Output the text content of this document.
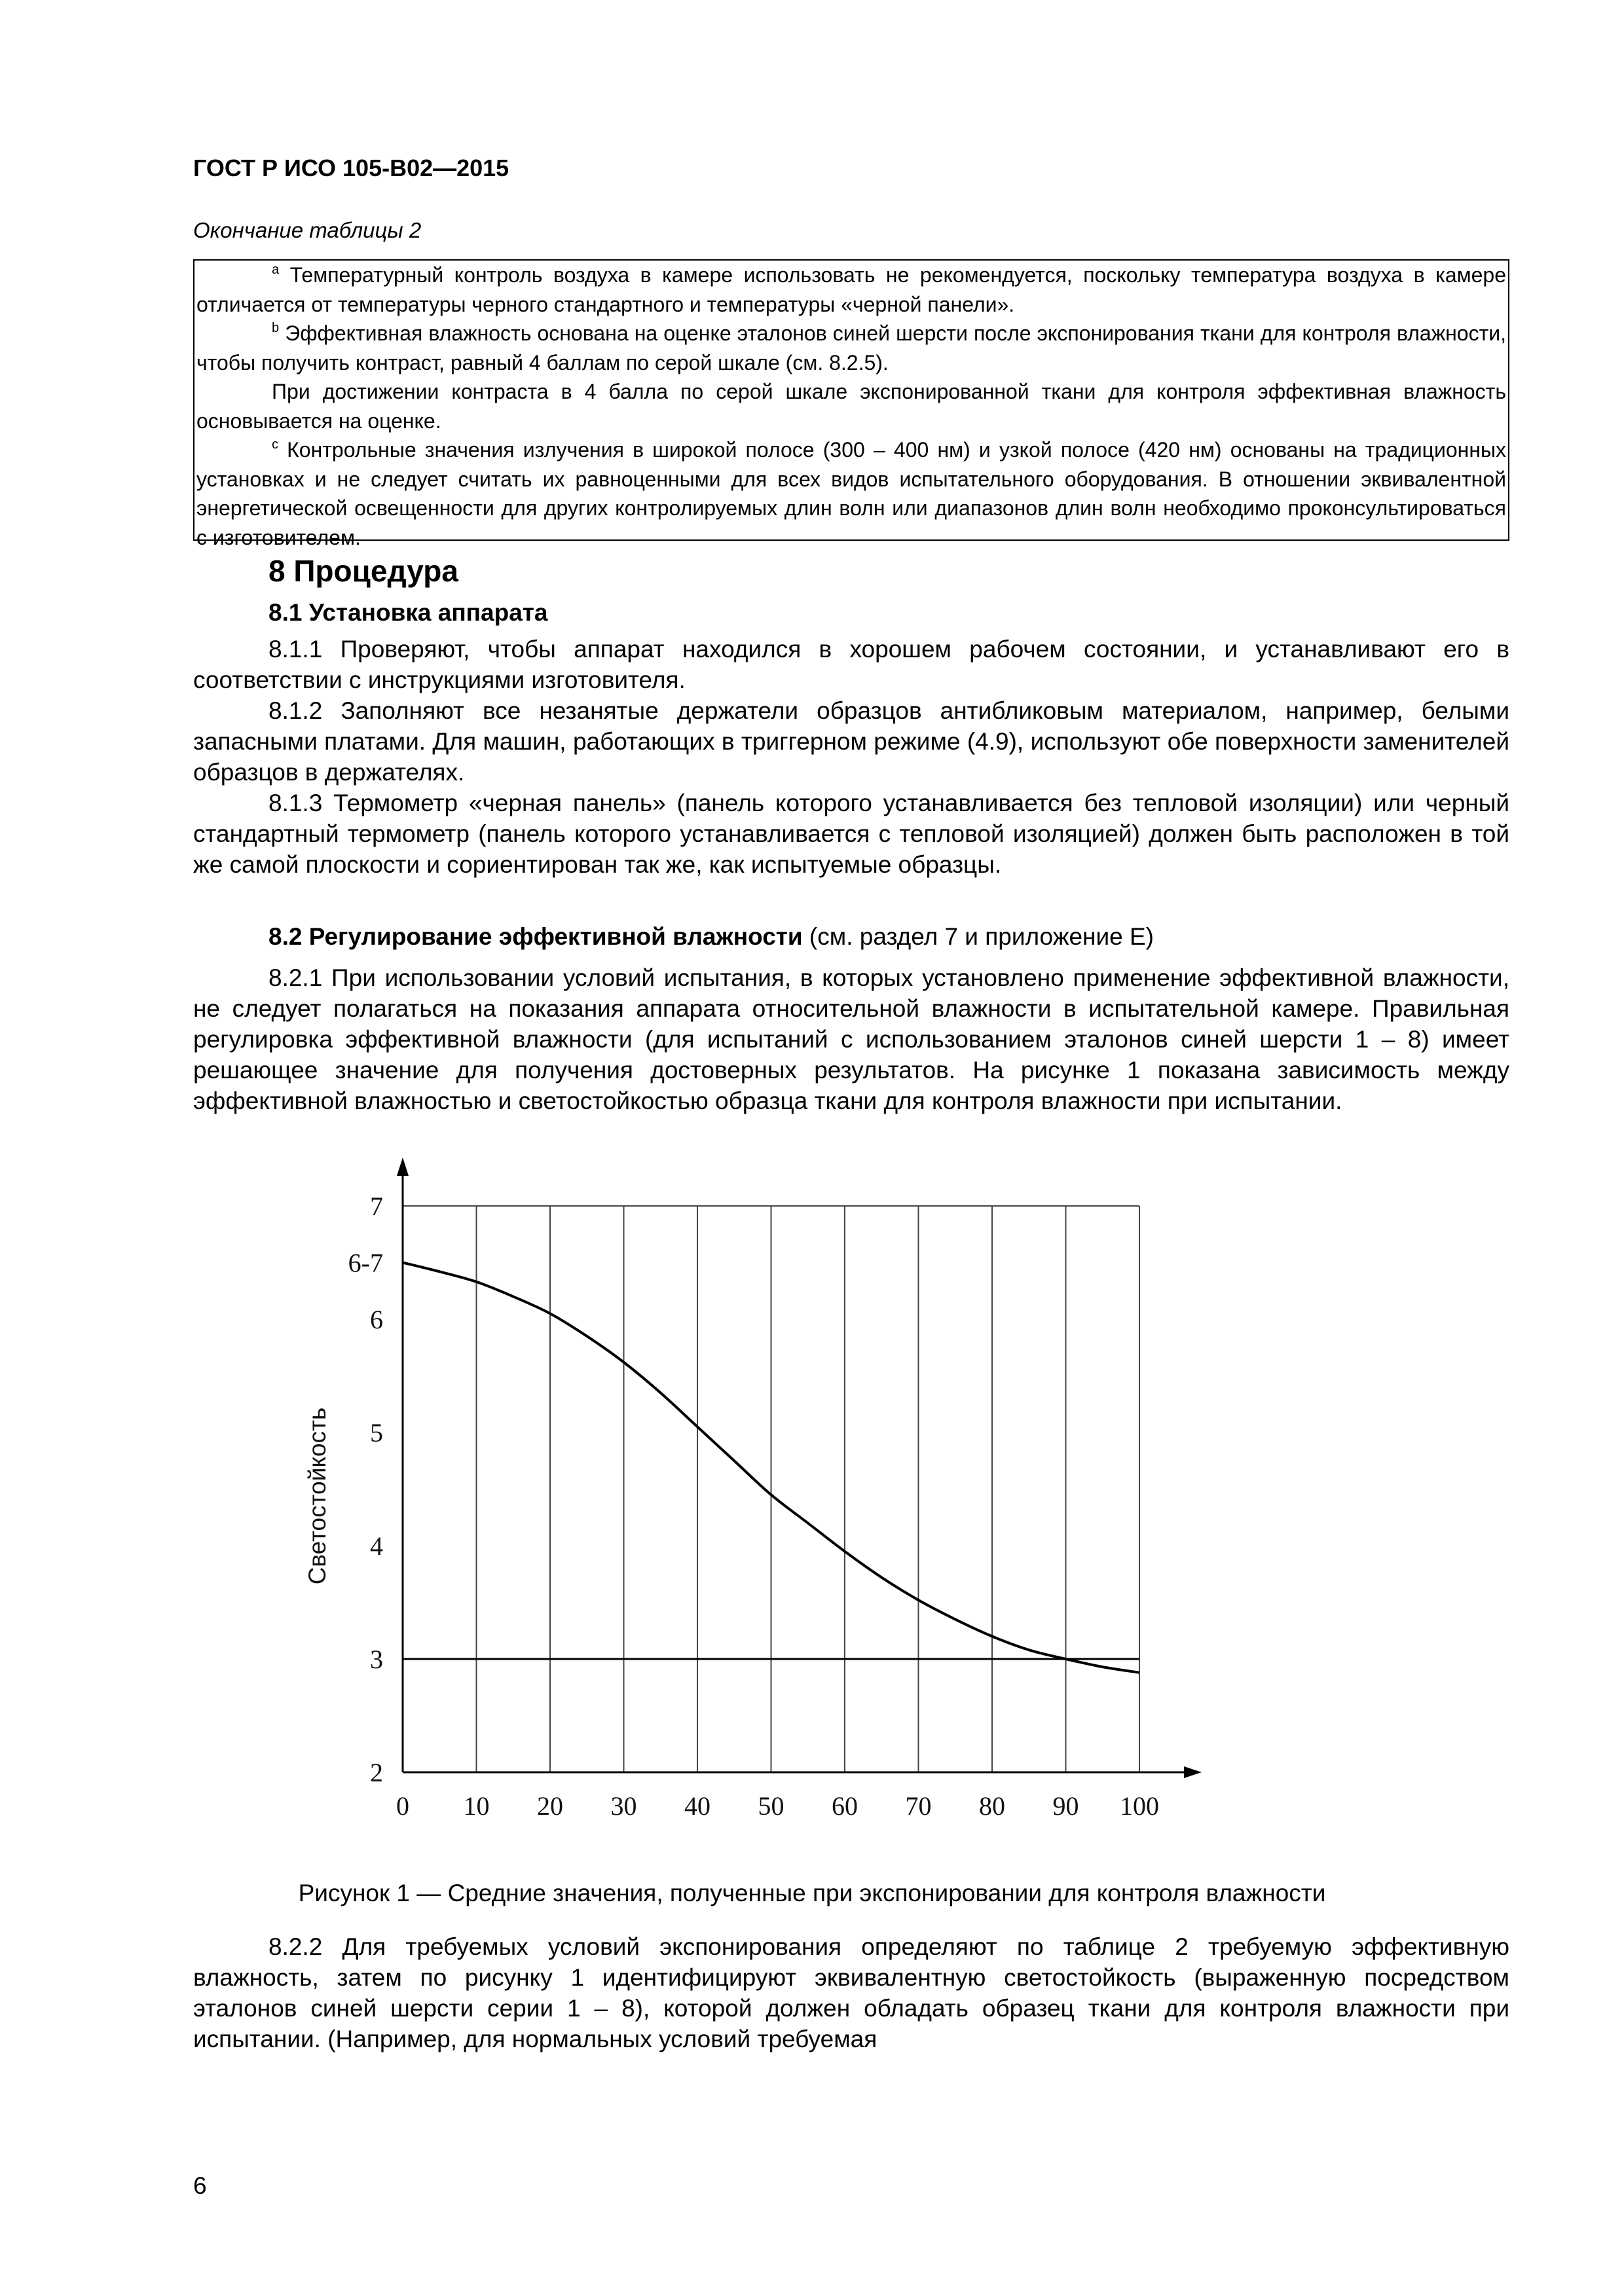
ГОСТ Р ИСО 105-В02—2015
Окончание таблицы 2

$^а$ Температурный контроль воздуха в камере использовать не рекомендуется, поскольку температура воздуха в камере отличается от температуры черного стандартного и температуры «черной панели».

$^b$ Эффективная влажность основана на оценке эталонов синей шерсти после экспонирования ткани для контроля влажности, чтобы получить контраст, равный 4 баллам по серой шкале (см. 8.2.5).

При достижении контраста в 4 балла по серой шкале экспонированной ткани для контроля эффективная влажность основывается на оценке.

$^с$ Контрольные значения излучения в широкой полосе (300 – 400 нм) и узкой полосе (420 нм) основаны на традиционных установках и не следует считать их равноценными для всех видов испытательного оборудования. В отношении эквивалентной энергетической освещенности для других контролируемых длин волн или диапазонов длин волн необходимо проконсультироваться с изготовителем.

8 Процедура
8.1 Установка аппарата

8.1.1 Проверяют, чтобы аппарат находился в хорошем рабочем состоянии, и устанавливают его в соответствии с инструкциями изготовителя.

8.1.2 Заполняют все незанятые держатели образцов антибликовым материалом, например, белыми запасными платами. Для машин, работающих в триггерном режиме (4.9), используют обе поверхности заменителей образцов в держателях.

8.1.3 Термометр «черная панель» (панель которого устанавливается без тепловой изоляции) или черный стандартный термометр (панель которого устанавливается с тепловой изоляцией) должен быть расположен в той же самой плоскости и сориентирован так же, как испытуемые образцы.

8.2 Регулирование эффективной влажности (см. раздел 7 и приложение Е)

8.2.1 При использовании условий испытания, в которых установлено применение эффективной влажности, не следует полагаться на показания аппарата относительной влажности в испытательной камере. Правильная регулировка эффективной влажности (для испытаний с использованием эталонов синей шерсти 1 – 8) имеет решающее значение для получения достоверных результатов. На рисунке 1 показана зависимость между эффективной влажностью и светостойкостью образца ткани для контроля влажности при испытании.

0 10 20 30 40 50 60 70 80 90 100
2
3
4
5
6
6-7
7
Светостойкость
Рисунок 1 — Средние значения, полученные при экспонировании для контроля влажности

8.2.2 Для требуемых условий экспонирования определяют по таблице 2 требуемую эффективную влажность, затем по рисунку 1 идентифицируют эквивалентную светостойкость (выраженную посредством эталонов синей шерсти серии 1 – 8), которой должен обладать образец ткани для контроля влажности при испытании. (Например, для нормальных условий требуемая

6
